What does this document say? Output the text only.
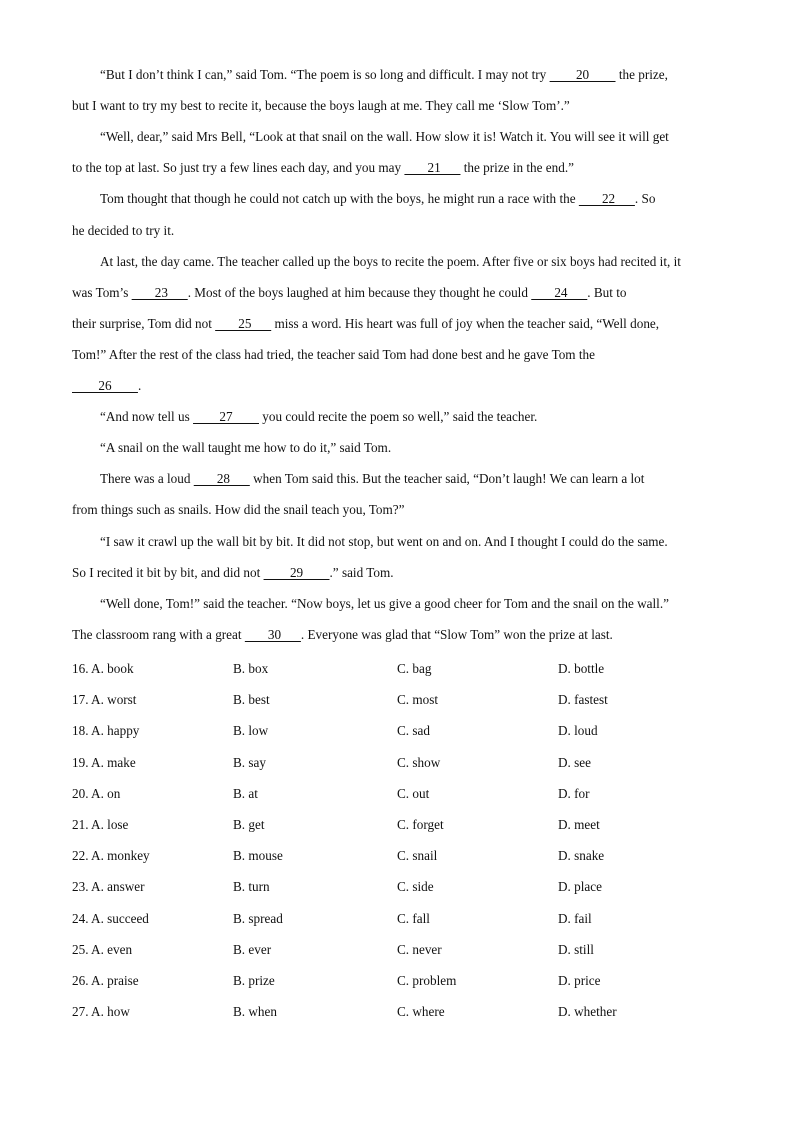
“But I don’t think I can,” said Tom. “The poem is so long and difficult. I may not try         20         the prize,
but I want to try my best to recite it, because the boys laugh at me. They call me ‘Slow Tom’.”
“Well, dear,” said Mrs Bell, “Look at that snail on the wall. How slow it is! Watch it. You will see it will get
to the top at last. So just try a few lines each day, and you may        21       the prize in the end.”
Tom thought that though he could not catch up with the boys, he might run a race with the        22      . So
he decided to try it.
At last, the day came. The teacher called up the boys to recite the poem. After five or six boys had recited it, it
was Tom’s        23      . Most of the boys laughed at him because they thought he could        24      . But to
their surprise, Tom did not        25       miss a word. His heart was full of joy when the teacher said, “Well done,
Tom!” After the rest of the class had tried, the teacher said Tom had done best and he gave Tom the
26        .
“And now tell us         27         you could recite the poem so well,” said the teacher.
“A snail on the wall taught me how to do it,” said Tom.
There was a loud        28       when Tom said this. But the teacher said, “Don’t laugh! We can learn a lot
from things such as snails. How did the snail teach you, Tom?”
“I saw it crawl up the wall bit by bit. It did not stop, but went on and on. And I thought I could do the same.
So I recited it bit by bit, and did not         29        .” said Tom.
“Well done, Tom!” said the teacher. “Now boys, let us give a good cheer for Tom and the snail on the wall.”
The classroom rang with a great        30      . Everyone was glad that “Slow Tom” won the prize at last.
16. A. book	B. box	C. bag	D. bottle
17. A. worst	B. best	C. most	D. fastest
18. A. happy	B. low	C. sad	D. loud
19. A. make	B. say	C. show	D. see
20. A. on	B. at	C. out	D. for
21. A. lose	B. get	C. forget	D. meet
22. A. monkey	B. mouse	C. snail	D. snake
23. A. answer	B. turn	C. side	D. place
24. A. succeed	B. spread	C. fall	D. fail
25. A. even	B. ever	C. never	D. still
26. A. praise	B. prize	C. problem	D. price
27. A. how	B. when	C. where	D. whether
